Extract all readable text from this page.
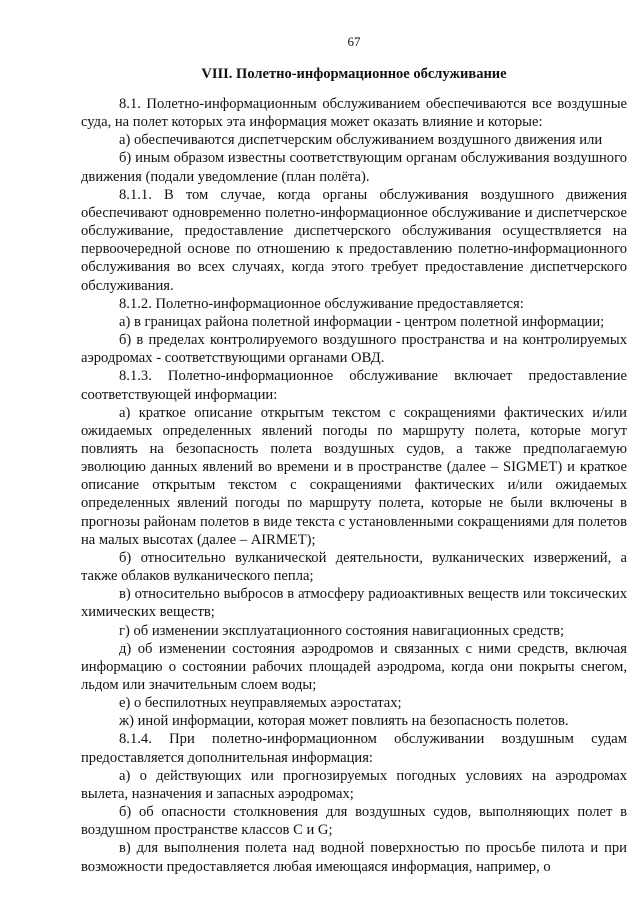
67
VIII. Полетно-информационное обслуживание

8.1. Полетно-информационным обслуживанием обеспечиваются все воздушные суда, на полет которых эта информация может оказать влияние и которые:

а) обеспечиваются диспетчерским обслуживанием воздушного движения или

б) иным образом известны соответствующим органам обслуживания воздушного движения (подали уведомление (план полёта).

8.1.1. В том случае, когда органы обслуживания воздушного движения обеспечивают одновременно полетно-информационное обслуживание и диспетчерское обслуживание, предоставление диспетчерского обслуживания осуществляется на первоочередной основе по отношению к предоставлению полетно-информационного обслуживания во всех случаях, когда этого требует предоставление диспетчерского обслуживания.

8.1.2. Полетно-информационное обслуживание предоставляется:

а) в границах района полетной информации - центром полетной информации;

б) в пределах контролируемого воздушного пространства и на контролируемых аэродромах - соответствующими органами ОВД.

8.1.3. Полетно-информационное обслуживание включает предоставление соответствующей информации:

а) краткое описание открытым текстом с сокращениями фактических и/или ожидаемых определенных явлений погоды по маршруту полета, которые могут повлиять на безопасность полета воздушных судов, а также предполагаемую эволюцию данных явлений во времени и в пространстве (далее – SIGMET) и краткое описание открытым текстом с сокращениями фактических и/или ожидаемых определенных явлений погоды по маршруту полета, которые не были включены в прогнозы районам полетов в виде текста с установленными сокращениями для полетов на малых высотах (далее – AIRMET);

б) относительно вулканической деятельности, вулканических извержений, а также облаков вулканического пепла;

в) относительно выбросов в атмосферу радиоактивных веществ или токсических химических веществ;

г) об изменении эксплуатационного состояния навигационных средств;

д) об изменении состояния аэродромов и связанных с ними средств, включая информацию о состоянии рабочих площадей аэродрома, когда они покрыты снегом, льдом или значительным слоем воды;

е) о беспилотных неуправляемых аэростатах;

ж) иной информации, которая может повлиять на безопасность полетов.

8.1.4. При полетно-информационном обслуживании воздушным судам предоставляется дополнительная информация:

а) о действующих или прогнозируемых погодных условиях на аэродромах вылета, назначения и запасных аэродромах;

б) об опасности столкновения для воздушных судов, выполняющих полет в воздушном пространстве классов С и G;

в) для выполнения полета над водной поверхностью по просьбе пилота и при возможности предоставляется любая имеющаяся информация, например, о
